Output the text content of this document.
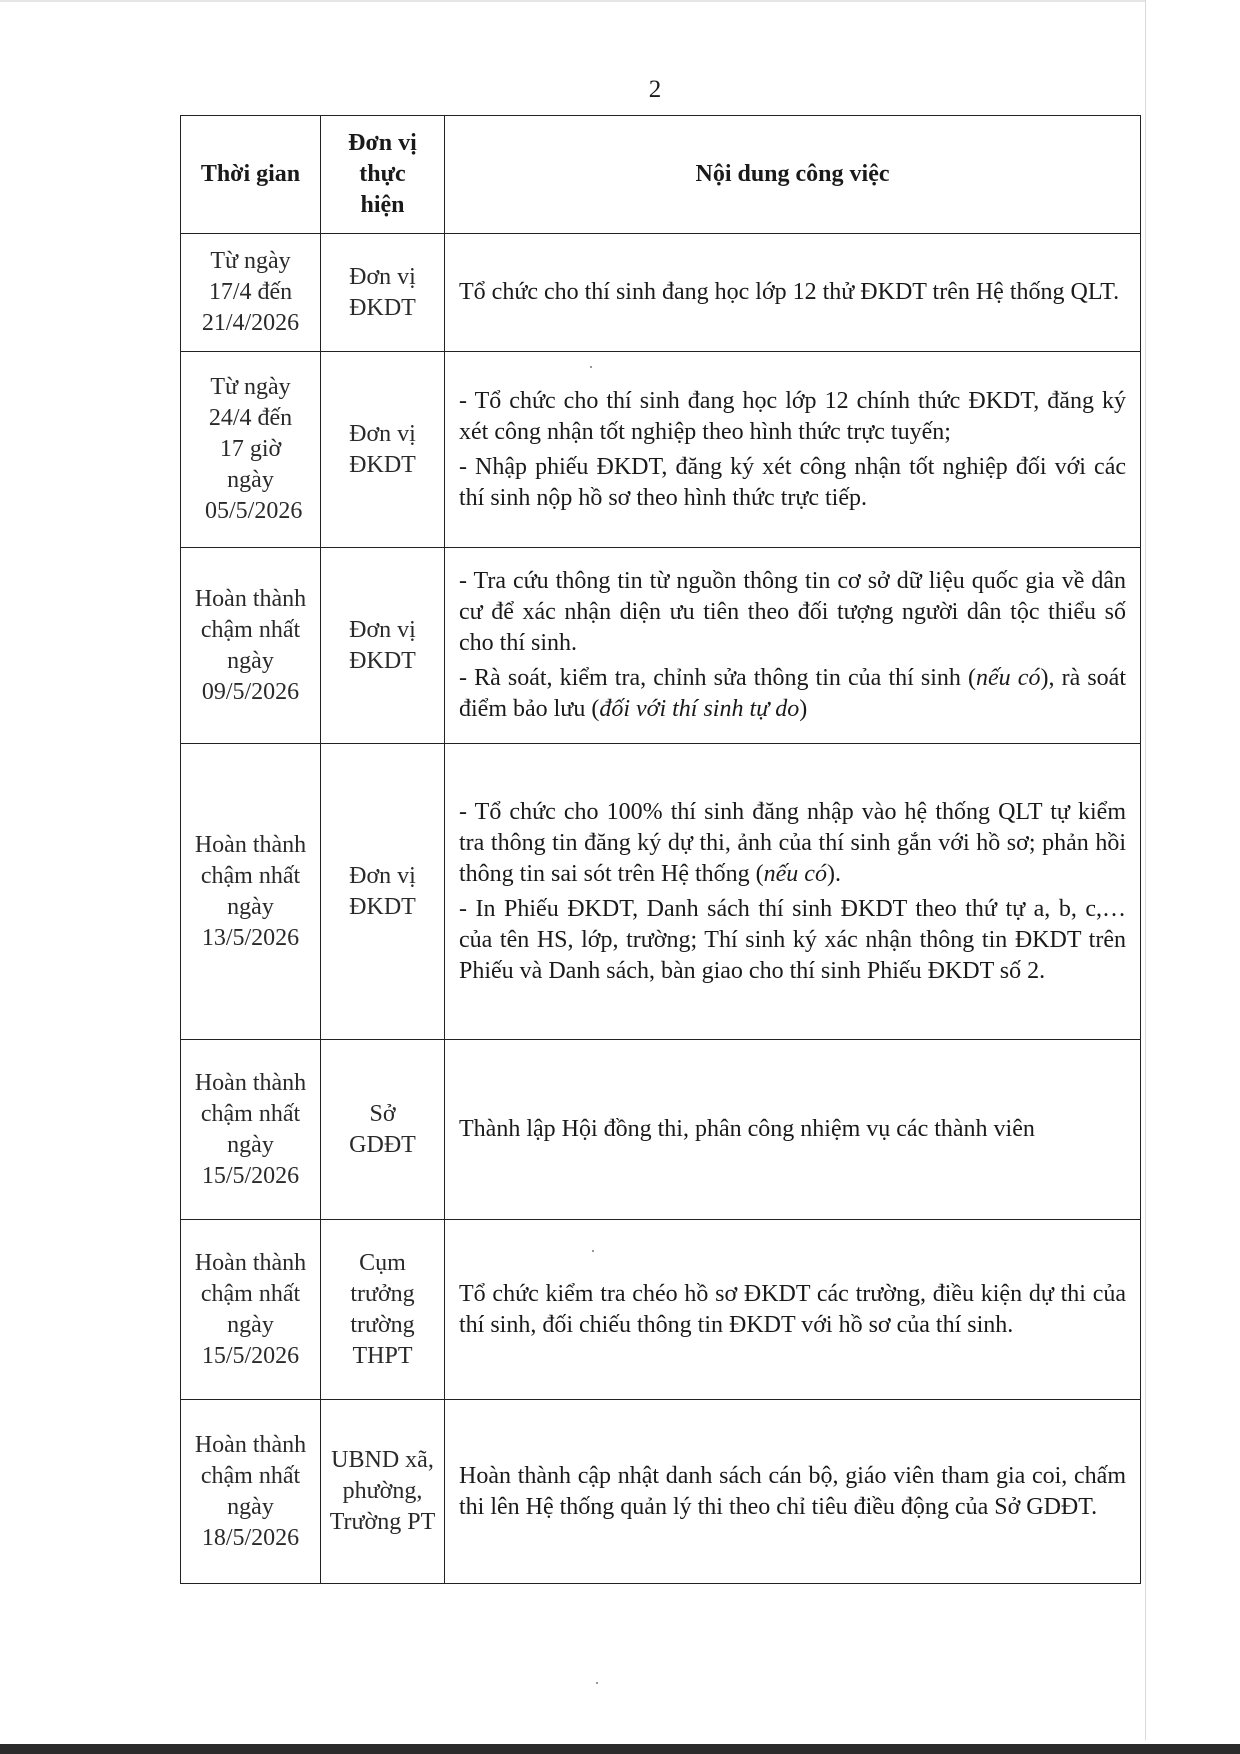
2
Thời gian	Đơn vị thực hiện	Nội dung công việc
Từ ngày 17/4 đến 21/4/2026	Đơn vị ĐKDT	Tổ chức cho thí sinh đang học lớp 12 thử ĐKDT trên Hệ thống QLT.

Từ ngày 24/4 đến 17 giờ ngày 05/5/2026	Đơn vị ĐKDT	- Tổ chức cho thí sinh đang học lớp 12 chính thức ĐKDT, đăng ký xét công nhận tốt nghiệp theo hình thức trực tuyến;

- Nhập phiếu ĐKDT, đăng ký xét công nhận tốt nghiệp đối với các thí sinh nộp hồ sơ theo hình thức trực tiếp.

Hoàn thành chậm nhất ngày 09/5/2026	Đơn vị ĐKDT	- Tra cứu thông tin từ nguồn thông tin cơ sở dữ liệu quốc gia về dân cư để xác nhận diện ưu tiên theo đối tượng người dân tộc thiểu số cho thí sinh.

- Rà soát, kiểm tra, chỉnh sửa thông tin của thí sinh (nếu có), rà soát điểm bảo lưu (đối với thí sinh tự do)

Hoàn thành chậm nhất ngày 13/5/2026	Đơn vị ĐKDT	- Tổ chức cho 100% thí sinh đăng nhập vào hệ thống QLT tự kiểm tra thông tin đăng ký dự thi, ảnh của thí sinh gắn với hồ sơ; phản hồi thông tin sai sót trên Hệ thống (nếu có).

- In Phiếu ĐKDT, Danh sách thí sinh ĐKDT theo thứ tự a, b, c,… của tên HS, lớp, trường; Thí sinh ký xác nhận thông tin ĐKDT trên Phiếu và Danh sách, bàn giao cho thí sinh Phiếu ĐKDT số 2.

Hoàn thành chậm nhất ngày 15/5/2026	Sở GDĐT	Thành lập Hội đồng thi, phân công nhiệm vụ các thành viên

Hoàn thành chậm nhất ngày 15/5/2026	Cụm trưởng trường THPT	Tổ chức kiểm tra chéo hồ sơ ĐKDT các trường, điều kiện dự thi của thí sinh, đối chiếu thông tin ĐKDT với hồ sơ của thí sinh.

Hoàn thành chậm nhất ngày 18/5/2026	UBND xã, phường, Trường PT	Hoàn thành cập nhật danh sách cán bộ, giáo viên tham gia coi, chấm thi lên Hệ thống quản lý thi theo chỉ tiêu điều động của Sở GDĐT.
